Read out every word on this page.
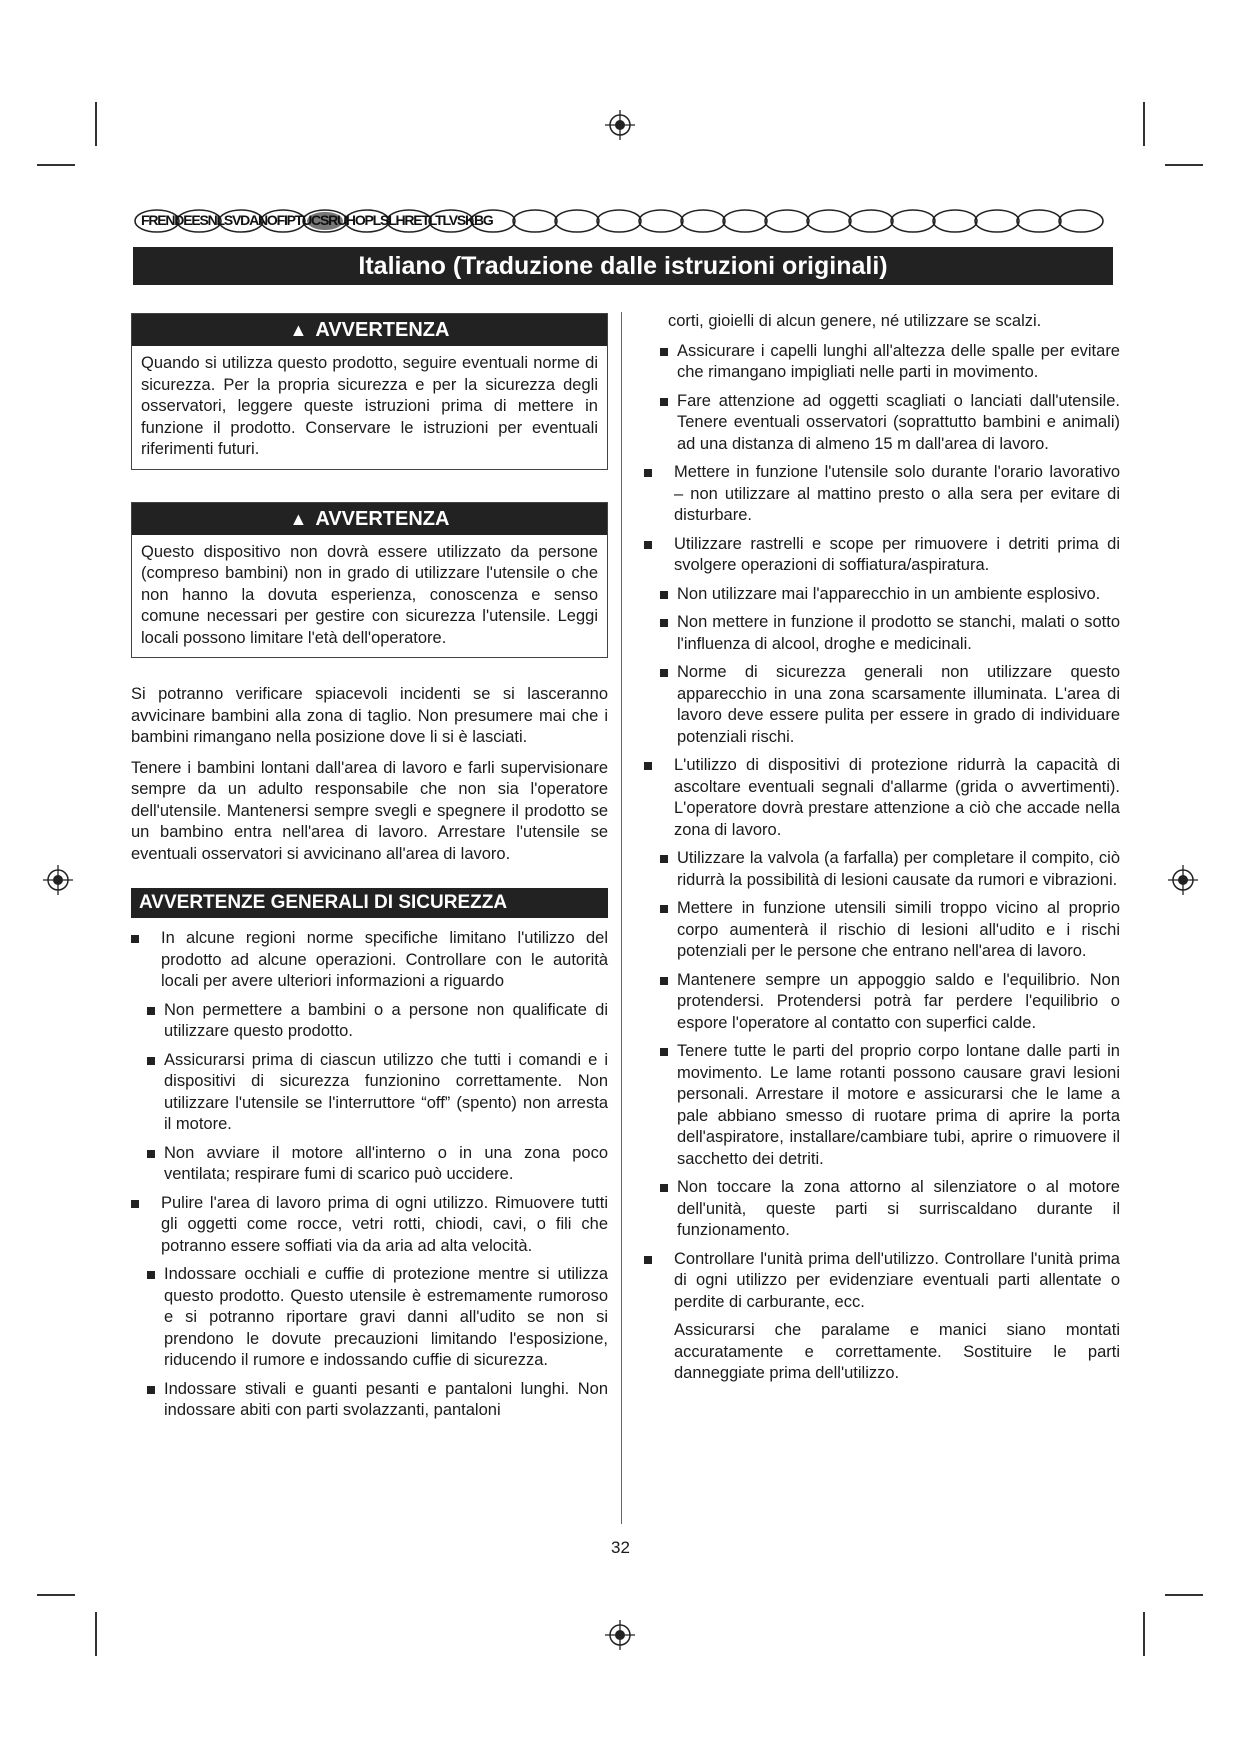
FRENDEESNLSVDANOFIPTUCSRUHOPLSLHRETLTLVSKBG
Italiano (Traduzione dalle istruzioni originali)
▲ AVVERTENZA
Quando si utilizza questo prodotto, seguire eventuali norme di sicurezza. Per la propria sicurezza e per la sicurezza degli osservatori, leggere queste istruzioni prima di mettere in funzione il prodotto. Conservare le istruzioni per eventuali riferimenti futuri.
▲ AVVERTENZA
Questo dispositivo non dovrà essere utilizzato da persone (compreso bambini) non in grado di utilizzare l'utensile o che non hanno la dovuta esperienza, conoscenza e senso comune necessari per gestire con sicurezza l'utensile. Leggi locali possono limitare l'età dell'operatore.

Si potranno verificare spiacevoli incidenti se si lasceranno avvicinare bambini alla zona di taglio. Non presumere mai che i bambini rimangano nella posizione dove li si è lasciati.

Tenere i bambini lontani dall'area di lavoro e farli supervisionare sempre da un adulto responsabile che non sia l'operatore dell'utensile. Mantenersi sempre svegli e spegnere il prodotto se un bambino entra nell'area di lavoro. Arrestare l'utensile se eventuali osservatori si avvicinano all'area di lavoro.

AVVERTENZE GENERALI DI SICUREZZA
In alcune regioni norme specifiche limitano l'utilizzo del prodotto ad alcune operazioni. Controllare con le autorità locali per avere ulteriori informazioni a riguardo
Non permettere a bambini o a persone non qualificate di utilizzare questo prodotto.
Assicurarsi prima di ciascun utilizzo che tutti i comandi e i dispositivi di sicurezza funzionino correttamente. Non utilizzare l'utensile se l'interruttore “off” (spento) non arresta il motore.
Non avviare il motore all'interno o in una zona poco ventilata; respirare fumi di scarico può uccidere.
Pulire l'area di lavoro prima di ogni utilizzo. Rimuovere tutti gli oggetti come rocce, vetri rotti, chiodi, cavi, o fili che potranno essere soffiati via da aria ad alta velocità.
Indossare occhiali e cuffie di protezione mentre si utilizza questo prodotto. Questo utensile è estremamente rumoroso e si potranno riportare gravi danni all'udito se non si prendono le dovute precauzioni limitando l'esposizione, riducendo il rumore e indossando cuffie di sicurezza.
Indossare stivali e guanti pesanti e pantaloni lunghi. Non indossare abiti con parti svolazzanti, pantaloni

corti, gioielli di alcun genere, né utilizzare se scalzi.

Assicurare i capelli lunghi all'altezza delle spalle per evitare che rimangano impigliati nelle parti in movimento.
Fare attenzione ad oggetti scagliati o lanciati dall'utensile. Tenere eventuali osservatori (soprattutto bambini e animali) ad una distanza di almeno 15 m dall'area di lavoro.
Mettere in funzione l'utensile solo durante l'orario lavorativo – non utilizzare al mattino presto o alla sera per evitare di disturbare.
Utilizzare rastrelli e scope per rimuovere i detriti prima di svolgere operazioni di soffiatura/aspiratura.
Non utilizzare mai l'apparecchio in un ambiente esplosivo.
Non mettere in funzione il prodotto se stanchi, malati o sotto l'influenza di alcool, droghe e medicinali.
Norme di sicurezza generali non utilizzare questo apparecchio in una zona scarsamente illuminata. L'area di lavoro deve essere pulita per essere in grado di individuare potenziali rischi.
L'utilizzo di dispositivi di protezione ridurrà la capacità di ascoltare eventuali segnali d'allarme (grida o avvertimenti). L'operatore dovrà prestare attenzione a ciò che accade nella zona di lavoro.
Utilizzare la valvola (a farfalla) per completare il compito, ciò ridurrà la possibilità di lesioni causate da rumori e vibrazioni.
Mettere in funzione utensili simili troppo vicino al proprio corpo aumenterà il rischio di lesioni all'udito e i rischi potenziali per le persone che entrano nell'area di lavoro.
Mantenere sempre un appoggio saldo e l'equilibrio. Non protendersi. Protendersi potrà far perdere l'equilibrio o espore l'operatore al contatto con superfici calde.
Tenere tutte le parti del proprio corpo lontane dalle parti in movimento. Le lame rotanti possono causare gravi lesioni personali. Arrestare il motore e assicurarsi che le lame a pale abbiano smesso di ruotare prima di aprire la porta dell'aspiratore, installare/cambiare tubi, aprire o rimuovere il sacchetto dei detriti.
Non toccare la zona attorno al silenziatore o al motore dell'unità, queste parti si surriscaldano durante il funzionamento.
Controllare l'unità prima dell'utilizzo. Controllare l'unità prima di ogni utilizzo per evidenziare eventuali parti allentate o perdite di carburante, ecc.

Assicurarsi che paralame e manici siano montati accuratamente e correttamente. Sostituire le parti danneggiate prima dell'utilizzo.

32
